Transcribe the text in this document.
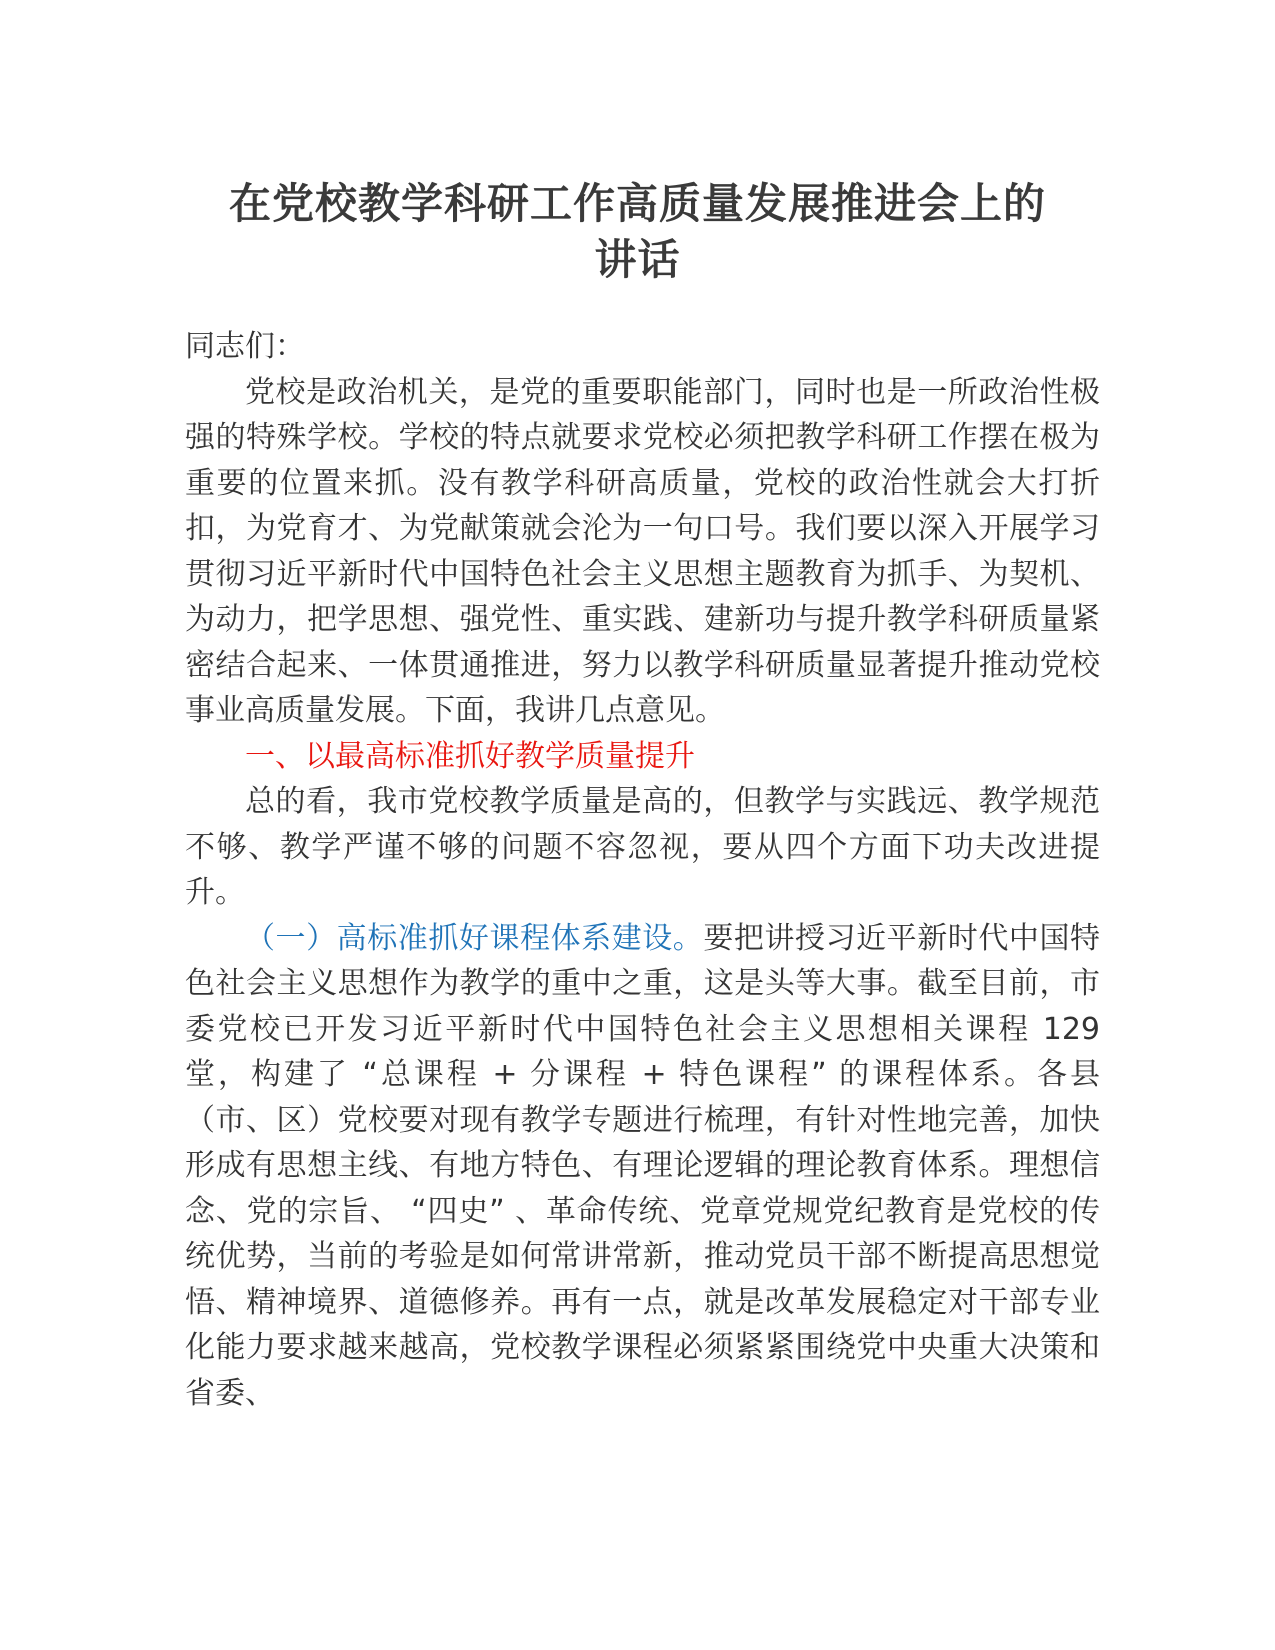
在党校教学科研工作高质量发展推进会上的
讲话

同志们：

党校是政治机关，是党的重要职能部门，同时也是一所政治性极强的特殊学校。学校的特点就要求党校必须把教学科研工作摆在极为重要的位置来抓。没有教学科研高质量，党校的政治性就会大打折扣，为党育才、为党献策就会沦为一句口号。我们要以深入开展学习贯彻习近平新时代中国特色社会主义思想主题教育为抓手、为契机、为动力，把学思想、强党性、重实践、建新功与提升教学科研质量紧密结合起来、一体贯通推进，努力以教学科研质量显著提升推动党校事业高质量发展。下面，我讲几点意见。

一、以最高标准抓好教学质量提升

总的看，我市党校教学质量是高的，但教学与实践远、教学规范不够、教学严谨不够的问题不容忽视，要从四个方面下功夫改进提升。

（一）高标准抓好课程体系建设。要把讲授习近平新时代中国特色社会主义思想作为教学的重中之重，这是头等大事。截至目前，市委党校已开发习近平新时代中国特色社会主义思想相关课程 129 堂，构建了 “总课程 + 分课程 + 特色课程” 的课程体系。各县（市、区）党校要对现有教学专题进行梳理，有针对性地完善，加快形成有思想主线、有地方特色、有理论逻辑的理论教育体系。理想信念、党的宗旨、 “四史” 、革命传统、党章党规党纪教育是党校的传统优势，当前的考验是如何常讲常新，推动党员干部不断提高思想觉悟、精神境界、道德修养。再有一点，就是改革发展稳定对干部专业化能力要求越来越高，党校教学课程必须紧紧围绕党中央重大决策和省委、
